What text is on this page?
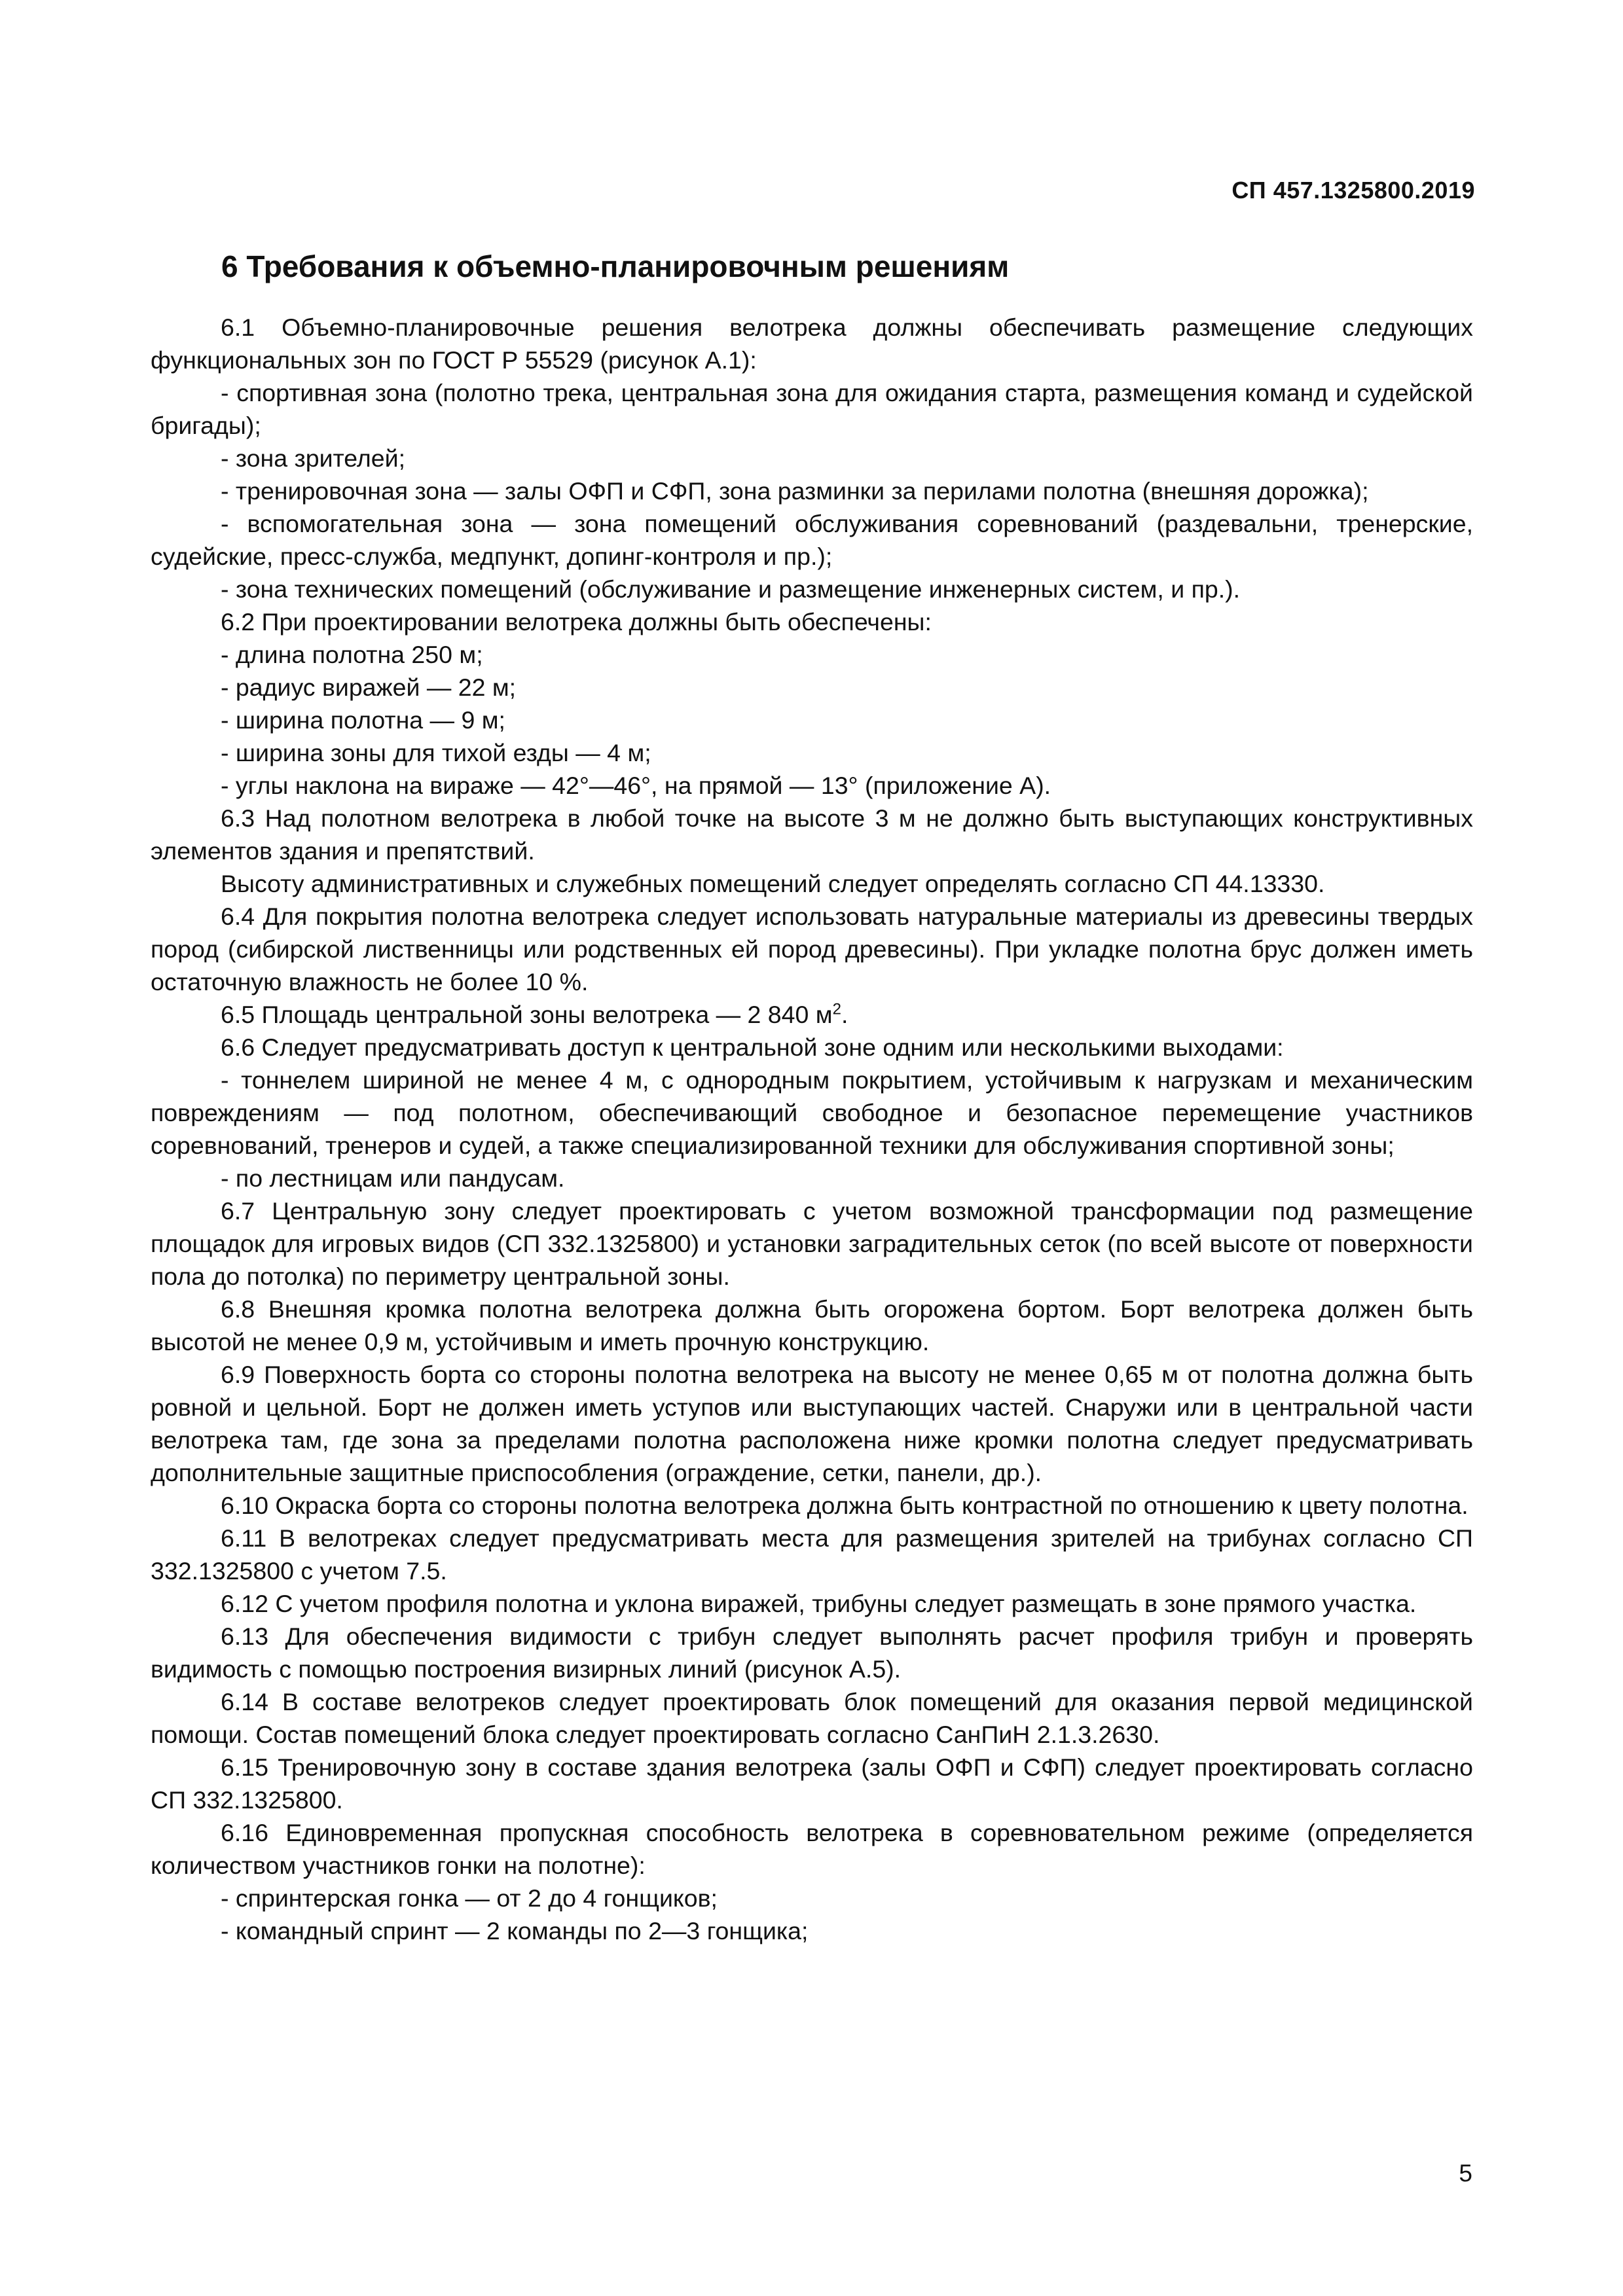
СП 457.1325800.2019
6 Требования к объемно-планировочным решениям

6.1 Объемно-планировочные решения велотрека должны обеспечивать размещение следующих функциональных зон по ГОСТ Р 55529 (рисунок А.1):

- спортивная зона (полотно трека, центральная зона для ожидания старта, размещения команд и судейской бригады);

- зона зрителей;

- тренировочная зона — залы ОФП и СФП, зона разминки за перилами полотна (внешняя дорожка);

- вспомогательная зона — зона помещений обслуживания соревнований (раздевальни, тренерские, судейские, пресс-служба, медпункт, допинг-контроля и пр.);

- зона технических помещений (обслуживание и размещение инженерных систем, и пр.).

6.2 При проектировании велотрека должны быть обеспечены:

- длина полотна 250 м;

- радиус виражей — 22 м;

- ширина полотна — 9 м;

- ширина зоны для тихой езды — 4 м;

- углы наклона на вираже — 42°—46°, на прямой — 13° (приложение А).

6.3 Над полотном велотрека в любой точке на высоте 3 м не должно быть выступающих конструктивных элементов здания и препятствий.

Высоту административных и служебных помещений следует определять согласно СП 44.13330.

6.4 Для покрытия полотна велотрека следует использовать натуральные материалы из древесины твердых пород (сибирской лиственницы или родственных ей пород древесины). При укладке полотна брус должен иметь остаточную влажность не более 10 %.

6.5 Площадь центральной зоны велотрека — 2 840 $м^2$.

6.6 Следует предусматривать доступ к центральной зоне одним или несколькими выходами:

- тоннелем шириной не менее 4 м, с однородным покрытием, устойчивым к нагрузкам и механическим повреждениям — под полотном, обеспечивающий свободное и безопасное перемещение участников соревнований, тренеров и судей, а также специализированной техники для обслуживания спортивной зоны;

- по лестницам или пандусам.

6.7 Центральную зону следует проектировать с учетом возможной трансформации под размещение площадок для игровых видов (СП 332.1325800) и установки заградительных сеток (по всей высоте от поверхности пола до потолка) по периметру центральной зоны.

6.8 Внешняя кромка полотна велотрека должна быть огорожена бортом. Борт велотрека должен быть высотой не менее 0,9 м, устойчивым и иметь прочную конструкцию.

6.9 Поверхность борта со стороны полотна велотрека на высоту не менее 0,65 м от полотна должна быть ровной и цельной. Борт не должен иметь уступов или выступающих частей. Снаружи или в центральной части велотрека там, где зона за пределами полотна расположена ниже кромки полотна следует предусматривать дополнительные защитные приспособления (ограждение, сетки, панели, др.).

6.10 Окраска борта со стороны полотна велотрека должна быть контрастной по отношению к цвету полотна.

6.11 В велотреках следует предусматривать места для размещения зрителей на трибунах согласно СП 332.1325800 с учетом 7.5.

6.12 С учетом профиля полотна и уклона виражей, трибуны следует размещать в зоне прямого участка.

6.13 Для обеспечения видимости с трибун следует выполнять расчет профиля трибун и проверять видимость с помощью построения визирных линий (рисунок А.5).

6.14 В составе велотреков следует проектировать блок помещений для оказания первой медицинской помощи. Состав помещений блока следует проектировать согласно СанПиН 2.1.3.2630.

6.15 Тренировочную зону в составе здания велотрека (залы ОФП и СФП) следует проектировать согласно СП 332.1325800.

6.16 Единовременная пропускная способность велотрека в соревновательном режиме (определяется количеством участников гонки на полотне):

- спринтерская гонка — от 2 до 4 гонщиков;

- командный спринт — 2 команды по 2—3 гонщика;

5
